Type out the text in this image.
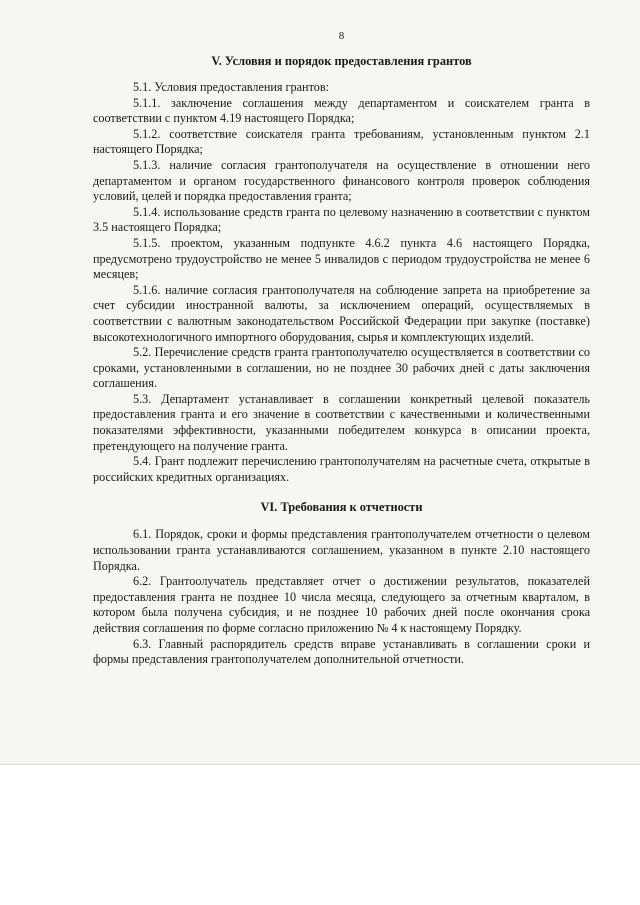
8
V. Условия и порядок предоставления грантов

5.1. Условия предоставления грантов:

5.1.1. заключение соглашения между департаментом и соискателем гранта в соответствии с пунктом 4.19 настоящего Порядка;

5.1.2. соответствие соискателя гранта требованиям, установленным пунктом 2.1 настоящего Порядка;

5.1.3. наличие согласия грантополучателя на осуществление в отношении него департаментом и органом государственного финансового контроля проверок соблюдения условий, целей и порядка предоставления гранта;

5.1.4. использование средств гранта по целевому назначению в соответствии с пунктом 3.5 настоящего Порядка;

5.1.5. проектом, указанным подпункте 4.6.2 пункта 4.6 настоящего Порядка, предусмотрено трудоустройство не менее 5 инвалидов с периодом трудоустройства не менее 6 месяцев;

5.1.6. наличие согласия грантополучателя на соблюдение запрета на приобретение за счет субсидии иностранной валюты, за исключением операций, осуществляемых в соответствии с валютным законодательством Российской Федерации при закупке (поставке) высокотехнологичного импортного оборудования, сырья и комплектующих изделий.

5.2. Перечисление средств гранта грантополучателю осуществляется в соответствии со сроками, установленными в соглашении, но не позднее 30 рабочих дней с даты заключения соглашения.

5.3. Департамент устанавливает в соглашении конкретный целевой показатель предоставления гранта и его значение в соответствии с качественными и количественными показателями эффективности, указанными победителем конкурса в описании проекта, претендующего на получение гранта.

5.4. Грант подлежит перечислению грантополучателям на расчетные счета, открытые в российских кредитных организациях.

VI. Требования к отчетности

6.1. Порядок, сроки и формы представления грантополучателем отчетности о целевом использовании гранта устанавливаются соглашением, указанном в пункте 2.10 настоящего Порядка.

6.2. Грантоолучатель представляет отчет о достижении результатов, показателей предоставления гранта не позднее 10 числа месяца, следующего за отчетным кварталом, в котором была получена субсидия, и не позднее 10 рабочих дней после окончания срока действия соглашения по форме согласно приложению № 4 к настоящему Порядку.

6.3. Главный распорядитель средств вправе устанавливать в соглашении сроки и формы представления грантополучателем дополнительной отчетности.
